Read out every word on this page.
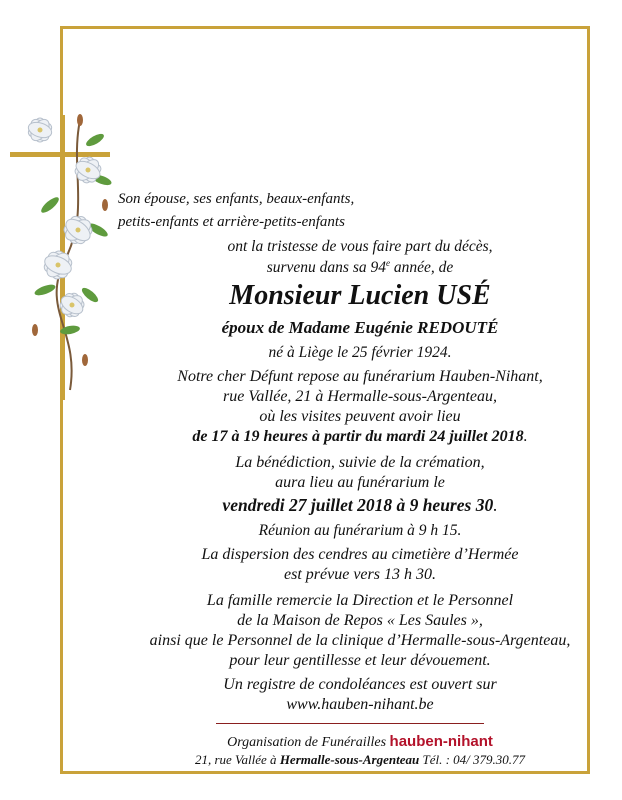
Son épouse, ses enfants, beaux-enfants,
petits-enfants et arrière-petits-enfants
ont la tristesse de vous faire part du décès,
survenu dans sa 94e année, de
Monsieur Lucien USÉ
époux de Madame Eugénie REDOUTÉ
né à Liège le 25 février 1924.
Notre cher Défunt repose au funérarium Hauben-Nihant,
rue Vallée, 21 à Hermalle-sous-Argenteau,
où les visites peuvent avoir lieu
de 17 à 19 heures à partir du mardi 24 juillet 2018.
La bénédiction, suivie de la crémation,
aura lieu au funérarium le
vendredi 27 juillet 2018 à 9 heures 30.
Réunion au funérarium à 9 h 15.
La dispersion des cendres au cimetière d’Hermée
est prévue vers 13 h 30.
La famille remercie la Direction et le Personnel
de la Maison de Repos « Les Saules »,
ainsi que le Personnel de la clinique d’Hermalle-sous-Argenteau,
pour leur gentillesse et leur dévouement.
Un registre de condoléances est ouvert sur
www.hauben-nihant.be
Organisation de Funérailles hauben-nihant
21, rue Vallée à Hermalle-sous-Argenteau Tél. : 04/ 379.30.77
